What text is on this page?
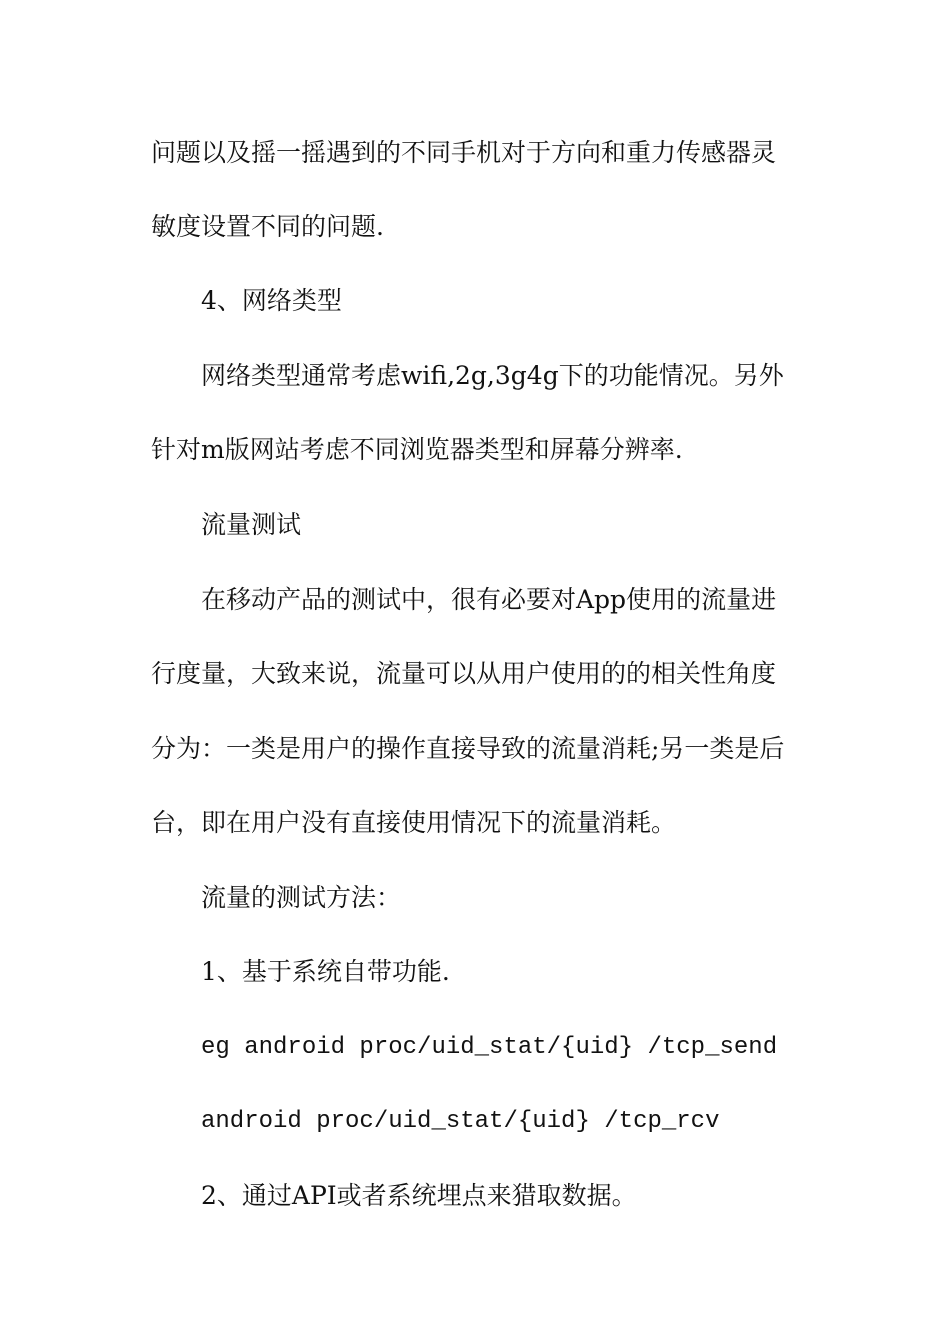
问题以及摇一摇遇到的不同手机对于方向和重力传感器灵
敏度设置不同的问题.
4、网络类型
网络类型通常考虑wifi,2g,3g4g下的功能情况。另外
针对m版网站考虑不同浏览器类型和屏幕分辨率.
流量测试
在移动产品的测试中，很有必要对App使用的流量进
行度量，大致来说，流量可以从用户使用的的相关性角度
分为：一类是用户的操作直接导致的流量消耗;另一类是后
台，即在用户没有直接使用情况下的流量消耗。
流量的测试方法：
1、基于系统自带功能.
eg android proc/uid_stat/{uid} /tcp_send
android proc/uid_stat/{uid} /tcp_rcv
2、通过API或者系统埋点来猎取数据。
